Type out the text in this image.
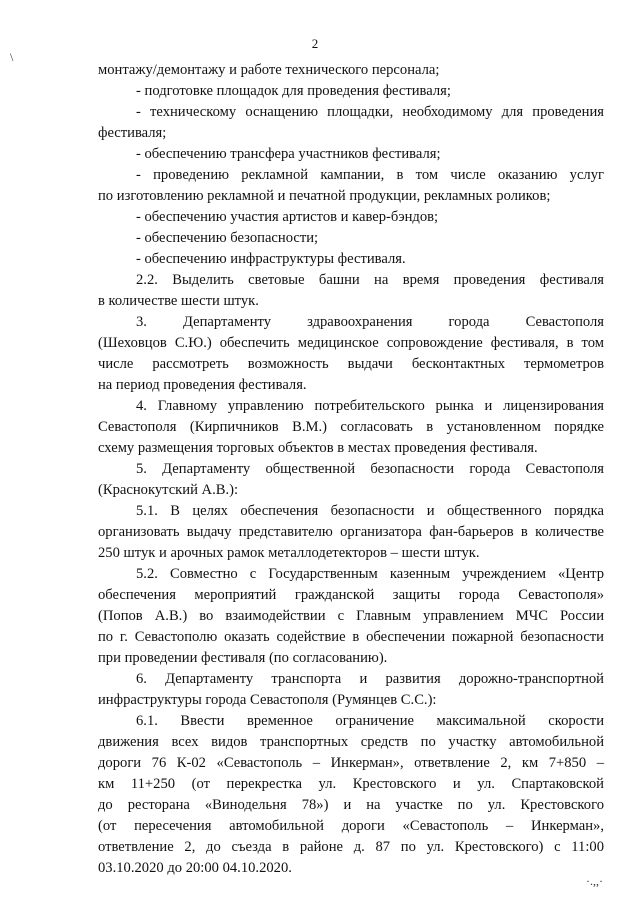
2
\
·.,,·
монтажу/демонтажу и работе технического персонала;
- подготовке площадок для проведения фестиваля;
- техническому оснащению площадки, необходимому для проведения
фестиваля;
- обеспечению трансфера участников фестиваля;
- проведению рекламной кампании, в том числе оказанию услуг
по изготовлению рекламной и печатной продукции, рекламных роликов;
- обеспечению участия артистов и кавер-бэндов;
- обеспечению безопасности;
- обеспечению инфраструктуры фестиваля.
2.2. Выделить световые башни на время проведения фестиваля
в количестве шести штук.
3. Департаменту здравоохранения города Севастополя
(Шеховцов С.Ю.) обеспечить медицинское сопровождение фестиваля, в том
числе рассмотреть возможность выдачи бесконтактных термометров
на период проведения фестиваля.
4. Главному управлению потребительского рынка и лицензирования
Севастополя (Кирпичников В.М.) согласовать в установленном порядке
схему размещения торговых объектов в местах проведения фестиваля.
5. Департаменту общественной безопасности города Севастополя
(Краснокутский А.В.):
5.1. В целях обеспечения безопасности и общественного порядка
организовать выдачу представителю организатора фан-барьеров в количестве
250 штук и арочных рамок металлодетекторов – шести штук.
5.2. Совместно с Государственным казенным учреждением «Центр
обеспечения мероприятий гражданской защиты города Севастополя»
(Попов А.В.) во взаимодействии с Главным управлением МЧС России
по г. Севастополю оказать содействие в обеспечении пожарной безопасности
при проведении фестиваля (по согласованию).
6. Департаменту транспорта и развития дорожно-транспортной
инфраструктуры города Севастополя (Румянцев С.С.):
6.1. Ввести временное ограничение максимальной скорости
движения всех видов транспортных средств по участку автомобильной
дороги 76 К-02 «Севастополь – Инкерман», ответвление 2, км 7+850 –
км 11+250 (от перекрестка ул. Крестовского и ул. Спартаковской
до ресторана «Винодельня 78») и на участке по ул. Крестовского
(от пересечения автомобильной дороги «Севастополь – Инкерман»,
ответвление 2, до съезда в районе д. 87 по ул. Крестовского) с 11:00
03.10.2020 до 20:00 04.10.2020.
